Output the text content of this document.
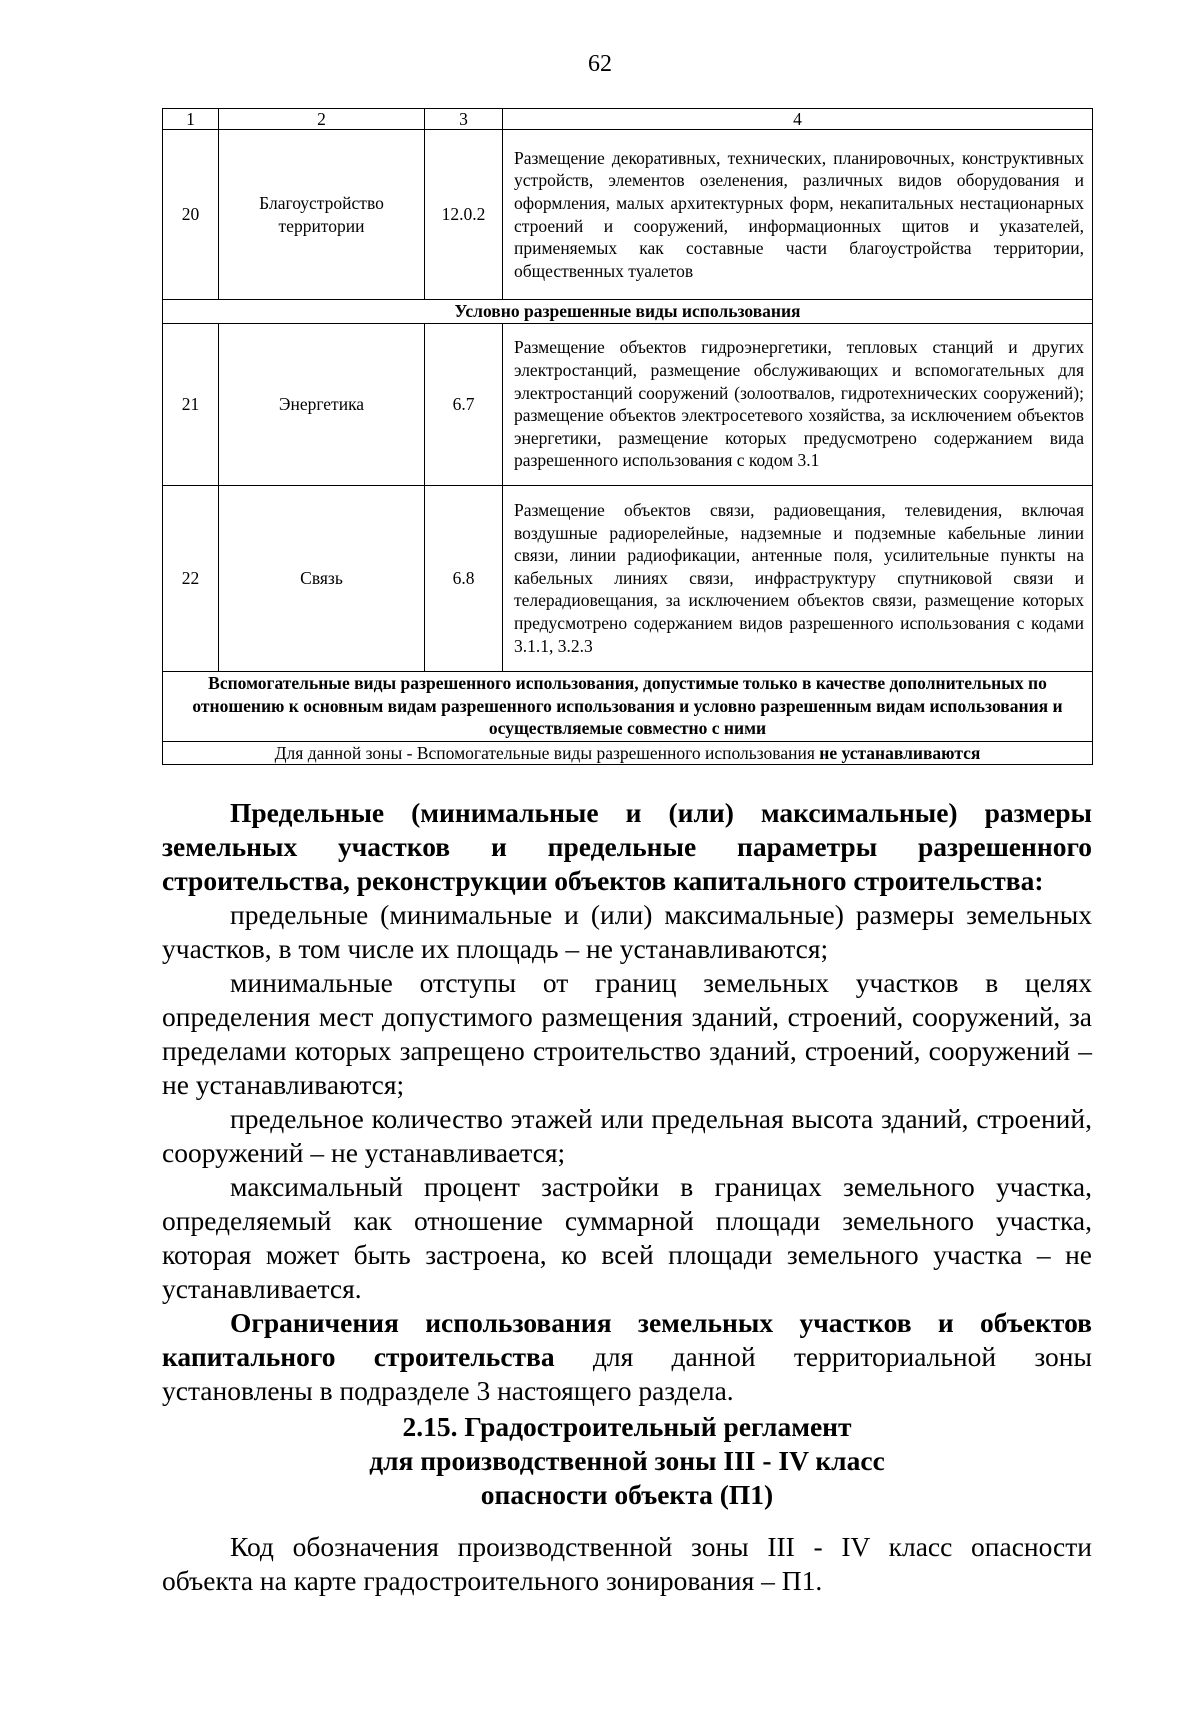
62
1	2	3	4
20	Благоустройство территории	12.0.2	Размещение декоративных, технических, планировочных, конструктивных устройств, элементов озеленения, различных видов оборудования и оформления, малых архитектурных форм, некапитальных нестационарных строений и сооружений, информационных щитов и указателей, применяемых как составные части благоустройства территории, общественных туалетов
Условно разрешенные виды использования			
21	Энергетика	6.7	Размещение объектов гидроэнергетики, тепловых станций и других электростанций, размещение обслуживающих и вспомогательных для электростанций сооружений (золоотвалов, гидротехнических сооружений); размещение объектов электросетевого хозяйства, за исключением объектов энергетики, размещение которых предусмотрено содержанием вида разрешенного использования с кодом 3.1
22	Связь	6.8	Размещение объектов связи, радиовещания, телевидения, включая воздушные радиорелейные, надземные и подземные кабельные линии связи, линии радиофикации, антенные поля, усилительные пункты на кабельных линиях связи, инфраструктуру спутниковой связи и телерадиовещания, за исключением объектов связи, размещение которых предусмотрено содержанием видов разрешенного использования с кодами 3.1.1, 3.2.3
Вспомогательные виды разрешенного использования, допустимые только в качестве дополнительных по отношению к основным видам разрешенного использования и условно разрешенным видам использования и осуществляемые совместно с ними			
Для данной зоны - Вспомогательные виды разрешенного использования не устанавливаются			

Предельные (минимальные и (или) максимальные) размеры земельных участков и предельные параметры разрешенного строительства, реконструкции объектов капитального строительства:

предельные (минимальные и (или) максимальные) размеры земельных участков, в том числе их площадь – не устанавливаются;

минимальные отступы от границ земельных участков в целях определения мест допустимого размещения зданий, строений, сооружений, за пределами которых запрещено строительство зданий, строений, сооружений – не устанавливаются;

предельное количество этажей или предельная высота зданий, строений, сооружений – не устанавливается;

максимальный процент застройки в границах земельного участка, определяемый как отношение суммарной площади земельного участка, которая может быть застроена, ко всей площади земельного участка – не устанавливается.

Ограничения использования земельных участков и объектов капитального строительства для данной территориальной зоны установлены в подразделе 3 настоящего раздела.

2.15. Градостроительный регламент
для производственной зоны III - IV класс
опасности объекта (П1)

Код обозначения производственной зоны III - IV класс опасности объекта на карте градостроительного зонирования – П1.
